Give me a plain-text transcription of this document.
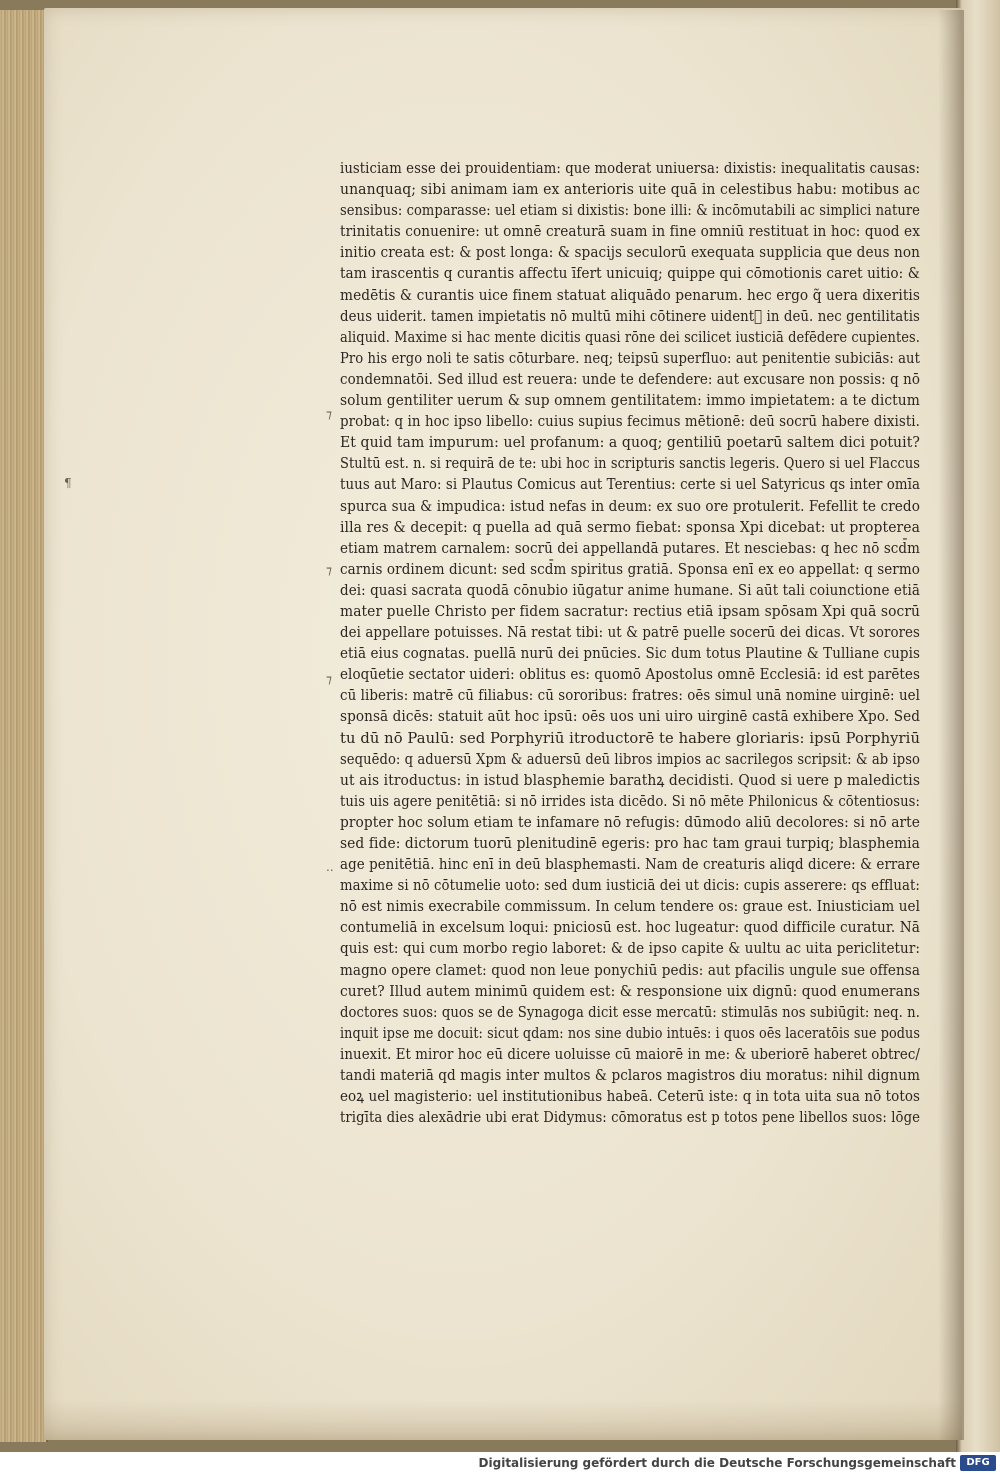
¶
⁊
⁊
⁊
..
iusticiam esse dei prouidentiam: que moderat uniuersa: dixistis: inequalitatis causas:
unanquaq; sibi animam iam ex anterioris uite quā in celestibus habu: motibus ac
sensibus: comparasse: uel etiam si dixistis: bone illi: & incōmutabili ac simplici nature
trinitatis conuenire: ut omnē creaturā suam in fine omniū restituat in hoc: quod ex
initio creata est: & post longa: & spacijs seculorū exequata supplicia que deus non
tam irascentis q curantis affectu īfert unicuiq; quippe qui cōmotionis caret uitio: &
medētis & curantis uice finem statuat aliquādo penarum. hec ergo q̃ uera dixeritis
deus uiderit. tamen impietatis nō multū mihi cōtinere uidentᷣ in deū. nec gentilitatis
aliquid. Maxime si hac mente dicitis quasi rōne dei scilicet iusticiā defēdere cupientes.
Pro his ergo noli te satis cōturbare. neq; teipsū superfluo: aut penitentie subiciās: aut
condemnatōi. Sed illud est reuera: unde te defendere: aut excusare non possis: q nō
solum gentiliter uerum & sup omnem gentilitatem: immo impietatem: a te dictum
probat: q in hoc ipso libello: cuius supius fecimus mētionē: deū socrū habere dixisti.
Et quid tam impurum: uel profanum: a quoq; gentiliū poetarū saltem dici potuit?
Stultū est. n. si requirā de te: ubi hoc in scripturis sanctis legeris. Quero si uel Flaccus
tuus aut Maro: si Plautus Comicus aut Terentius: certe si uel Satyricus qs inter omīa
spurca sua & impudica: istud nefas in deum: ex suo ore protulerit. Fefellit te credo
illa res & decepit: q puella ad quā sermo fiebat: sponsa Xpi dicebat: ut propterea
etiam matrem carnalem: socrū dei appellandā putares. Et nesciebas: q hec nō scd̄m
carnis ordinem dicunt: sed scd̄m spiritus gratiā. Sponsa enī ex eo appellat: q sermo
dei: quasi sacrata quodā cōnubio iūgatur anime humane. Si aūt tali coiunctione etiā
mater puelle Christo per fidem sacratur: rectius etiā ipsam spōsam Xpi quā socrū
dei appellare potuisses. Nā restat tibi: ut & patrē puelle socerū dei dicas. Vt sorores
etiā eius cognatas. puellā nurū dei pnūcies. Sic dum totus Plautine & Tulliane cupis
eloqūetie sectator uideri: oblitus es: quomō Apostolus omnē Ecclesiā: id est parētes
cū liberis: matrē cū filiabus: cū sororibus: fratres: oēs simul unā nomine uirginē: uel
sponsā dicēs: statuit aūt hoc ipsū: oēs uos uni uiro uirginē castā exhibere Xpo. Sed
tu dū nō Paulū: sed Porphyriū itroductorē te habere gloriaris: ipsū Porphyriū
sequēdo: q aduersū Xpm & aduersū deū libros impios ac sacrilegos scripsit: & ab ipso
ut ais itroductus: in istud blasphemie barathꝝ decidisti. Quod si uere p maledictis
tuis uis agere penitētiā: si nō irrides ista dicēdo. Si nō mēte Philonicus & cōtentiosus:
propter hoc solum etiam te infamare nō refugis: dūmodo aliū decolores: si nō arte
sed fide: dictorum tuorū plenitudinē egeris: pro hac tam graui turpiq; blasphemia
age penitētiā. hinc enī in deū blasphemasti. Nam de creaturis aliqd dicere: & errare
maxime si nō cōtumelie uoto: sed dum iusticiā dei ut dicis: cupis asserere: qs effluat:
nō est nimis execrabile commissum. In celum tendere os: graue est. Iniusticiam uel
contumeliā in excelsum loqui: pniciosū est. hoc lugeatur: quod difficile curatur. Nā
quis est: qui cum morbo regio laboret: & de ipso capite & uultu ac uita periclitetur:
magno opere clamet: quod non leue ponychiū pedis: aut pfacilis ungule sue offensa
curet? Illud autem minimū quidem est: & responsione uix dignū: quod enumerans
doctores suos: quos se de Synagoga dicit esse mercatū: stimulās nos subiūgit: neq. n.
inquit ipse me docuit: sicut qdam: nos sine dubio intuēs: i quos oēs laceratōis sue podus
inuexit. Et miror hoc eū dicere uoluisse cū maiorē in me: & uberiorē haberet obtrec/
tandi materiā qd magis inter multos & pclaros magistros diu moratus: nihil dignum
eoꝝ uel magisterio: uel institutionibus habeā. Ceterū iste: q in tota uita sua nō totos
trigīta dies alexādrie ubi erat Didymus: cōmoratus est p totos pene libellos suos: lōge
Digitalisierung gefördert durch die Deutsche Forschungsgemeinschaft	DFG
